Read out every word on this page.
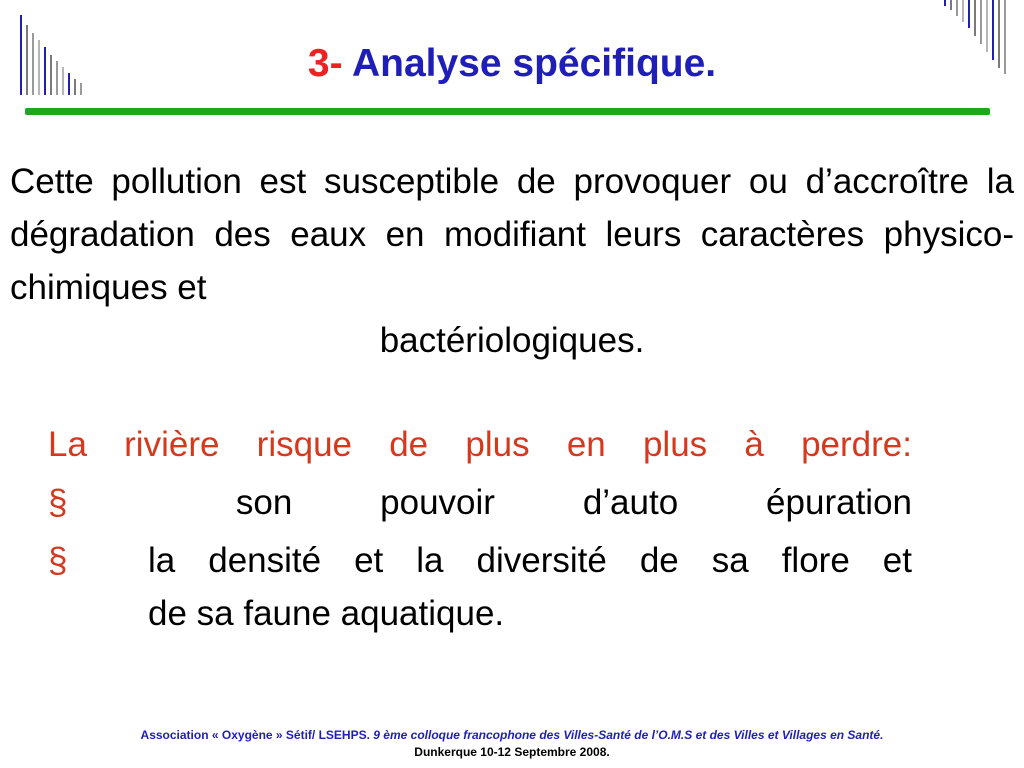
3- Analyse spécifique.
Cette pollution est susceptible de provoquer ou d’accroître la dégradation des eaux en modifiant leurs caractères physico-chimiques et
bactériologiques.
La rivière risque de plus en plus à perdre:
§	son	pouvoir	d’auto	épuration
§	la densité et la diversité de sa flore et
de sa faune aquatique.
Association « Oxygène » Sétif/ LSEHPS. 9 ème colloque francophone des Villes-Santé de l’O.M.S et des Villes et Villages en Santé.
Dunkerque 10-12 Septembre 2008.
